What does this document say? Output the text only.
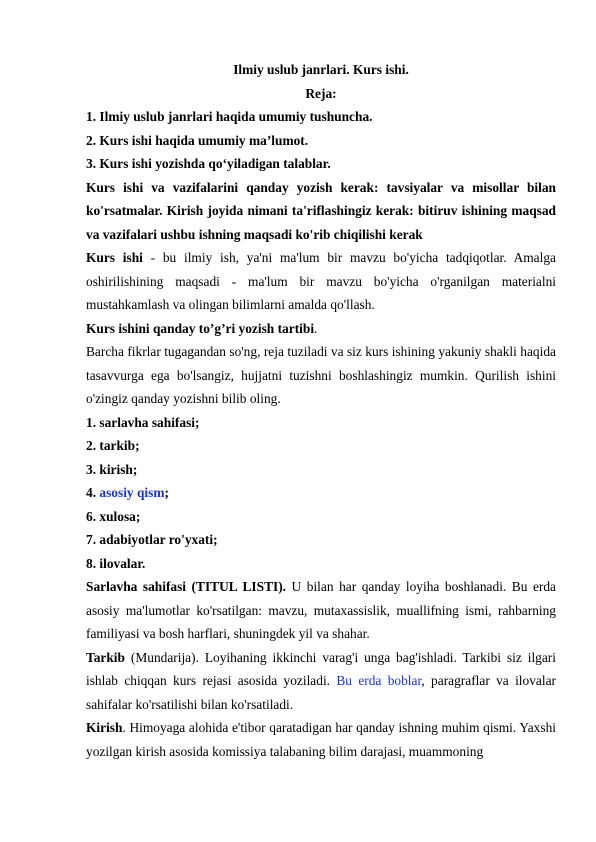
Ilmiy uslub janrlari. Kurs ishi.

Reja:

1. Ilmiy uslub janrlari haqida umumiy tushuncha.

2. Kurs ishi haqida umumiy ma’lumot.

3. Kurs ishi yozishda qo‘yiladigan talablar.

Kurs ishi va vazifalarini qanday yozish kerak: tavsiyalar va misollar bilan ko'rsatmalar. Kirish joyida nimani ta'riflashingiz kerak: bitiruv ishining maqsad va vazifalari ushbu ishning maqsadi ko'rib chiqilishi kerak

Kurs ishi - bu ilmiy ish, ya'ni ma'lum bir mavzu bo'yicha tadqiqotlar. Amalga oshirilishining maqsadi - ma'lum bir mavzu bo'yicha o'rganilgan materialni mustahkamlash va olingan bilimlarni amalda qo'llash.

Kurs ishini qanday to’g’ri yozish tartibi.

Barcha fikrlar tugagandan so'ng, reja tuziladi va siz kurs ishining yakuniy shakli haqida tasavvurga ega bo'lsangiz, hujjatni tuzishni boshlashingiz mumkin. Qurilish ishini o'zingiz qanday yozishni bilib oling.

1. sarlavha sahifasi;

2. tarkib;

3. kirish;

4. asosiy qism;

6. xulosa;

7. adabiyotlar ro'yxati;

8. ilovalar.

Sarlavha sahifasi (TITUL LISTI). U bilan har qanday loyiha boshlanadi. Bu erda asosiy ma'lumotlar ko'rsatilgan: mavzu, mutaxassislik, muallifning ismi, rahbarning familiyasi va bosh harflari, shuningdek yil va shahar.

Tarkib (Mundarija). Loyihaning ikkinchi varag'i unga bag'ishladi. Tarkibi siz ilgari ishlab chiqqan kurs rejasi asosida yoziladi. Bu erda boblar, paragraflar va ilovalar sahifalar ko'rsatilishi bilan ko'rsatiladi.

Kirish. Himoyaga alohida e'tibor qaratadigan har qanday ishning muhim qismi. Yaxshi yozilgan kirish asosida komissiya talabaning bilim darajasi, muammoning
